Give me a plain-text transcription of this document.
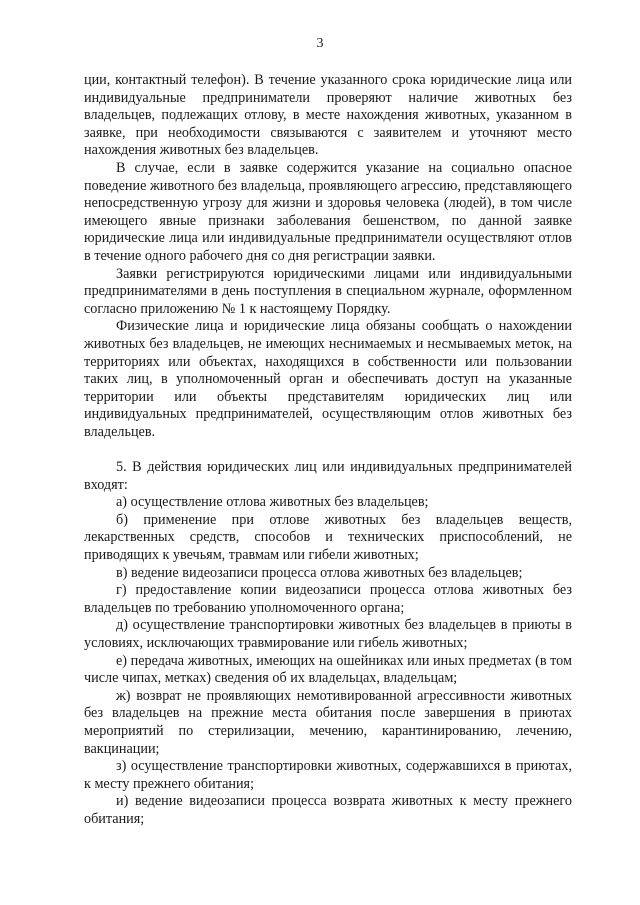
3

ции, контактный телефон). В течение указанного срока юридические лица или индивидуальные предприниматели проверяют наличие животных без владельцев, подлежащих отлову, в месте нахождения животных, указанном в заявке, при необходимости связываются с заявителем и уточняют место нахождения животных без владельцев.

В случае, если в заявке содержится указание на социально опасное поведение животного без владельца, проявляющего агрессию, представляющего непосредственную угрозу для жизни и здоровья человека (людей), в том числе имеющего явные признаки заболевания бешенством, по данной заявке юридические лица или индивидуальные предприниматели осуществляют отлов в течение одного рабочего дня со дня регистрации заявки.

Заявки регистрируются юридическими лицами или индивидуальными предпринимателями в день поступления в специальном журнале, оформленном согласно приложению № 1 к настоящему Порядку.

Физические лица и юридические лица обязаны сообщать о нахождении животных без владельцев, не имеющих неснимаемых и несмываемых меток, на территориях или объектах, находящихся в собственности или пользовании таких лиц, в уполномоченный орган и обеспечивать доступ на указанные территории или объекты представителям юридических лиц или индивидуальных предпринимателей, осуществляющим отлов животных без владельцев.

5. В действия юридических лиц или индивидуальных предпринимателей входят:

а) осуществление отлова животных без владельцев;

б) применение при отлове животных без владельцев веществ, лекарственных средств, способов и технических приспособлений, не приводящих к увечьям, травмам или гибели животных;

в) ведение видеозаписи процесса отлова животных без владельцев;

г) предоставление копии видеозаписи процесса отлова животных без владельцев по требованию уполномоченного органа;

д) осуществление транспортировки животных без владельцев в приюты в условиях, исключающих травмирование или гибель животных;

е) передача животных, имеющих на ошейниках или иных предметах (в том числе чипах, метках) сведения об их владельцах, владельцам;

ж) возврат не проявляющих немотивированной агрессивности животных без владельцев на прежние места обитания после завершения в приютах мероприятий по стерилизации, мечению, карантинированию, лечению, вакцинации;

з) осуществление транспортировки животных, содержавшихся в приютах, к месту прежнего обитания;

и) ведение видеозаписи процесса возврата животных к месту прежнего обитания;
